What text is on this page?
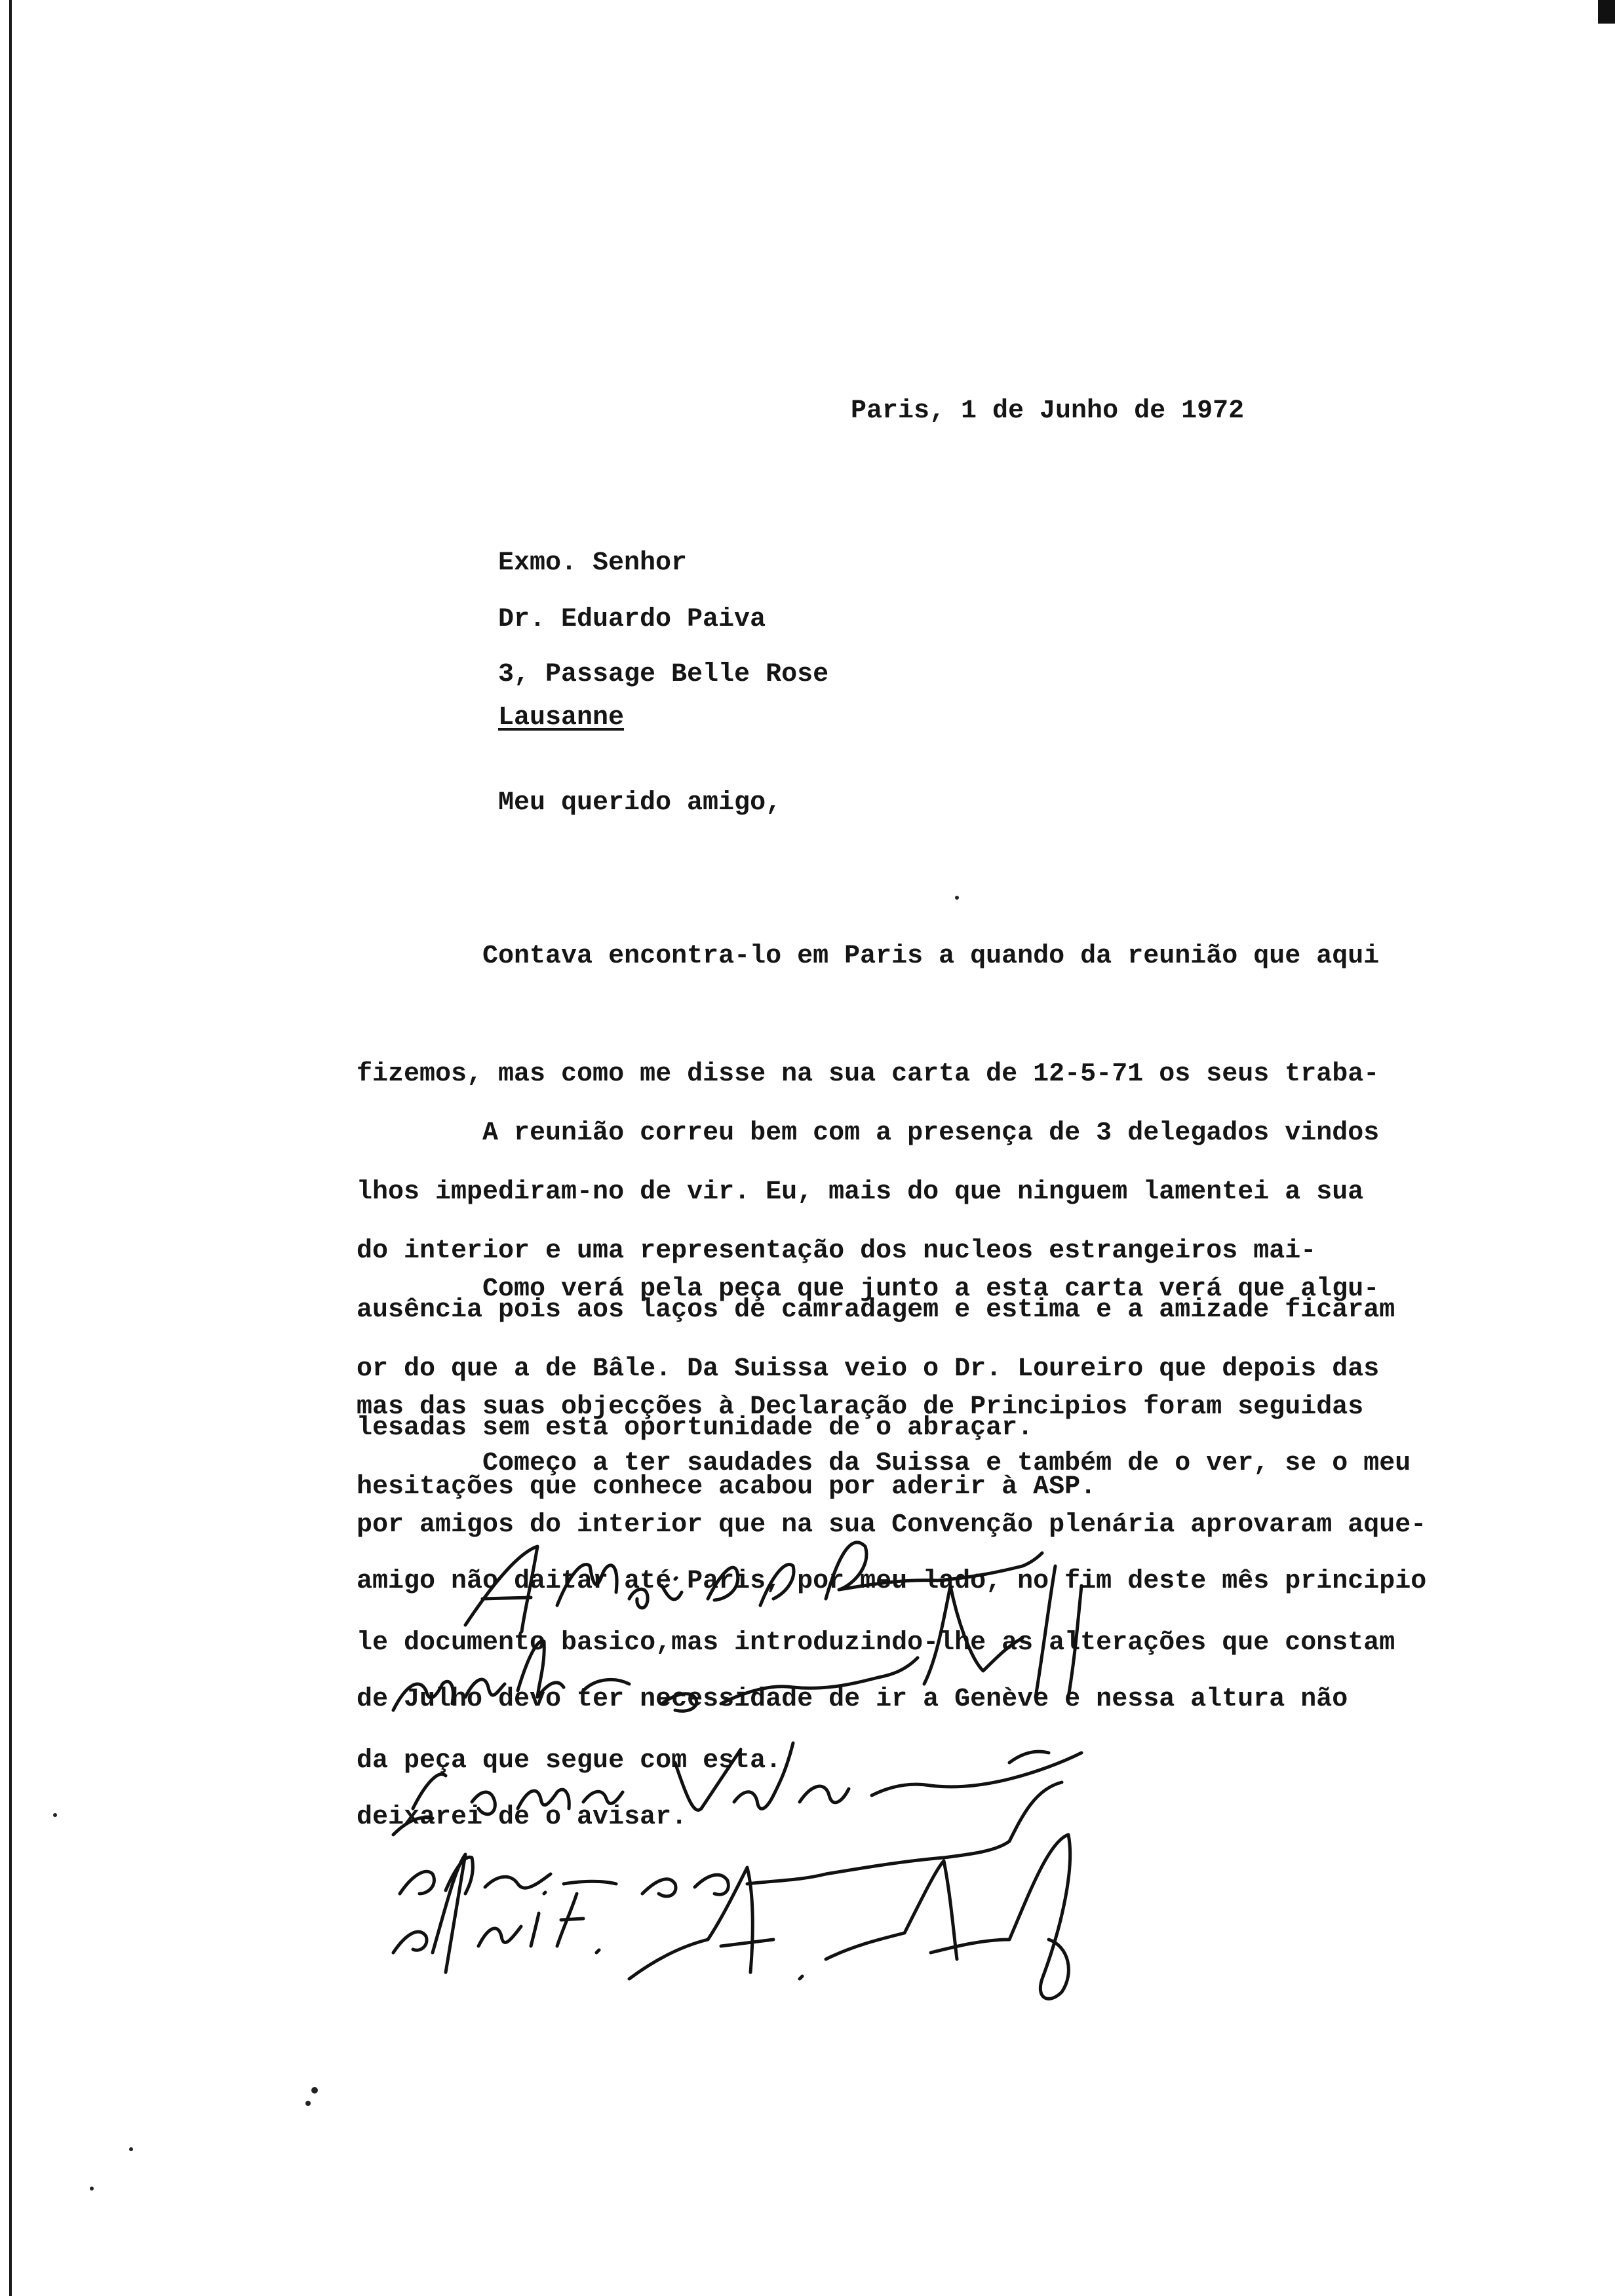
Paris, 1 de Junho de 1972
Exmo. Senhor
Dr. Eduardo Paiva
3, Passage Belle Rose
Lausanne
Meu querido amigo,

Contava encontra-lo em Paris a quando da reunião que aqui

fizemos, mas como me disse na sua carta de 12-5-71 os seus traba-

lhos impediram-no de vir. Eu, mais do que ninguem lamentei a sua

ausência pois aos laços de camradagem e estima e a amizade ficaram

lesadas sem esta oportunidade de o abraçar.

A reunião correu bem com a presença de 3 delegados vindos

do interior e uma representação dos nucleos estrangeiros mai-

or do que a de Bâle. Da Suissa veio o Dr. Loureiro que depois das

hesitações que conhece acabou por aderir à ASP.

Como verá pela peça que junto a esta carta verá que algu-

mas das suas objecções à Declaração de Principios foram seguidas

por amigos do interior que na sua Convenção plenária aprovaram aque-

le documento basico,mas introduzindo-lhe as alterações que constam

da peça que segue com esta.

Começo a ter saudades da Suissa e também de o ver, se o meu

amigo não daitar até Paris, por meu lado, no fim deste mês principio

de Julho devo ter necessidade de ir a Genève e nessa altura não

deixarei de o avisar.
